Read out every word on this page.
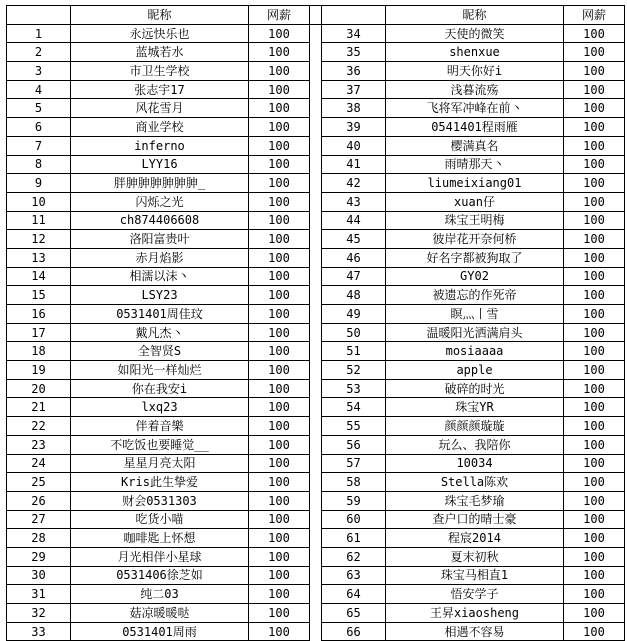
	昵称	网薪			昵称	网薪
1	永远快乐也	100		34	天使的微笑	100
2	蓝城若水	100		35	shenxue	100
3	市卫生学校	100		36	明天你好i	100
4	张志宇17	100		37	浅暮流殇	100
5	风花雪月	100		38	飞将军冲峰在前丶	100
6	商业学校	100		39	0541401程雨雁	100
7	inferno	100		40	樱满真名	100
8	LYY16	100		41	雨晴那天丶	100
9	胖胂胂胂胂胂胂_	100		42	liumeixiang01	100
10	闪烁之光	100		43	xuan仔	100
11	ch874406608	100		44	珠宝王明梅	100
12	洛阳富贵叶	100		45	彼岸花开奈何桥	100
13	赤月焰影	100		46	好名字都被狗取了	100
14	相濡以沫丶	100		47	GY02	100
15	LSY23	100		48	被遗忘的作死帝	100
16	0531401周佳玟	100		49	瞑灬丨雪	100
17	戴凡杰丶	100		50	温暖阳光洒满肩头	100
18	全智贤S	100		51	mosiaaaa	100
19	如阳光一样灿烂	100		52	apple	100
20	你在我安i	100		53	破碎的时光	100
21	lxq23	100		54	珠宝YR	100
22	伴着音樂	100		55	颜颜颜璇璇	100
23	不吃饭也要睡觉__	100		56	玩么、我陪你	100
24	星星月亮太阳	100		57	10034	100
25	Kris此生挚爱	100		58	Stella陈欢	100
26	财会0531303	100		59	珠宝毛梦瑜	100
27	吃货小喵	100		60	查户口的晴士豪	100
28	咖啡匙上怀想	100		61	程宸2014	100
29	月光相伴小星球	100		62	夏末初秋	100
30	0531406徐芝如	100		63	珠宝马相直1	100
31	纯二03	100		64	悟安学子	100
32	菇凉暖暖哒	100		65	王昇xiaosheng	100
33	0531401周雨	100		66	相遇不容易	100
